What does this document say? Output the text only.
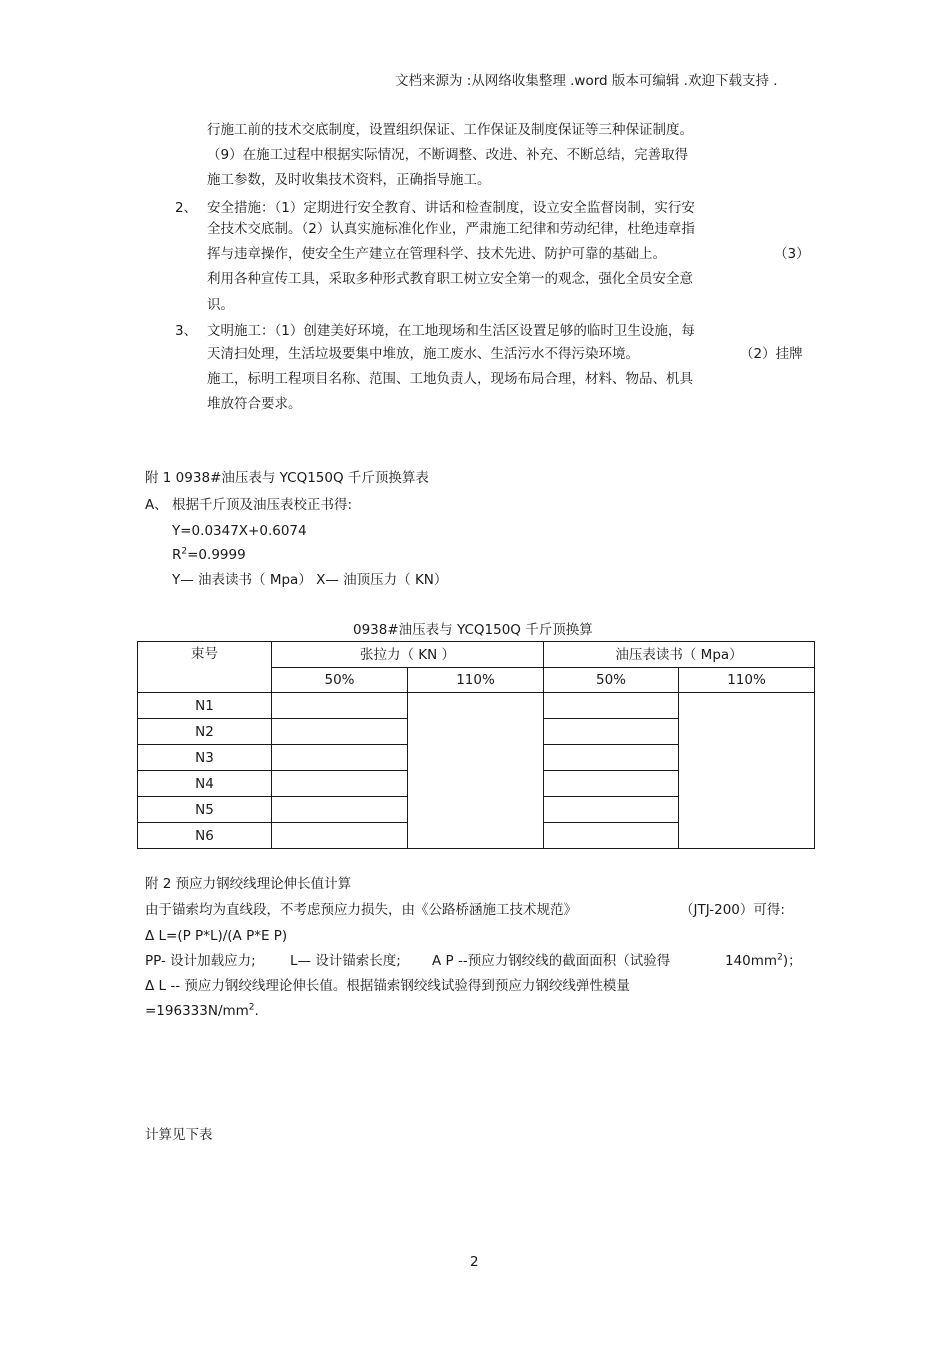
文档来源为 :从网络收集整理 .word 版本可编辑 .欢迎下载支持 .
行施工前的技术交底制度，设置组织保证、工作保证及制度保证等三种保证制度。
（9）在施工过程中根据实际情况，不断调整、改进、补充、不断总结，完善取得
施工参数，及时收集技术资料，正确指导施工。
2、 安全措施：（1）定期进行安全教育、讲话和检查制度，设立安全监督岗制，实行安
全技术交底制。（2）认真实施标准化作业，严肃施工纪律和劳动纪律，杜绝违章指
挥与违章操作，使安全生产建立在管理科学、技术先进、防护可靠的基础上。	（3）
利用各种宣传工具，采取多种形式教育职工树立安全第一的观念，强化全员安全意
识。
3、 文明施工：（1）创建美好环境，在工地现场和生活区设置足够的临时卫生设施，每
天清扫处理，生活垃圾要集中堆放，施工废水、生活污水不得污染环境。	（2）挂牌
施工，标明工程项目名称、范围、工地负责人，现场布局合理，材料、物品、机具
堆放符合要求。
附 1 0938#油压表与 YCQ150Q 千斤顶换算表
A、 根据千斤顶及油压表校正书得:
Y=0.0347X+0.6074
$R^2=0.9999$
Y— 油表读书（ Mpa） X— 油顶压力（ KN）
0938#油压表与 YCQ150Q 千斤顶换算
束号	张拉力（ KN ）		油压表读书（ Mpa）	
	50%	110%	50%	110%
N1				
N2				
N3				
N4				
N5				
N6				
附 2 预应力钢绞线理论伸长值计算
由于锚索均为直线段，不考虑预应力损失，由《公路桥涵施工技术规范》	（JTJ-200）可得:
Δ L=(P P*L)/(A P*E P)
PP- 设计加载应力;	L— 设计锚索长度; A P --预应力钢绞线的截面面积（试验得	$140mm^2$)；
Δ L -- 预应力钢绞线理论伸长值。根据锚索钢绞线试验得到预应力钢绞线弹性模量
$=196333N/mm^2$.
计算见下表
2
